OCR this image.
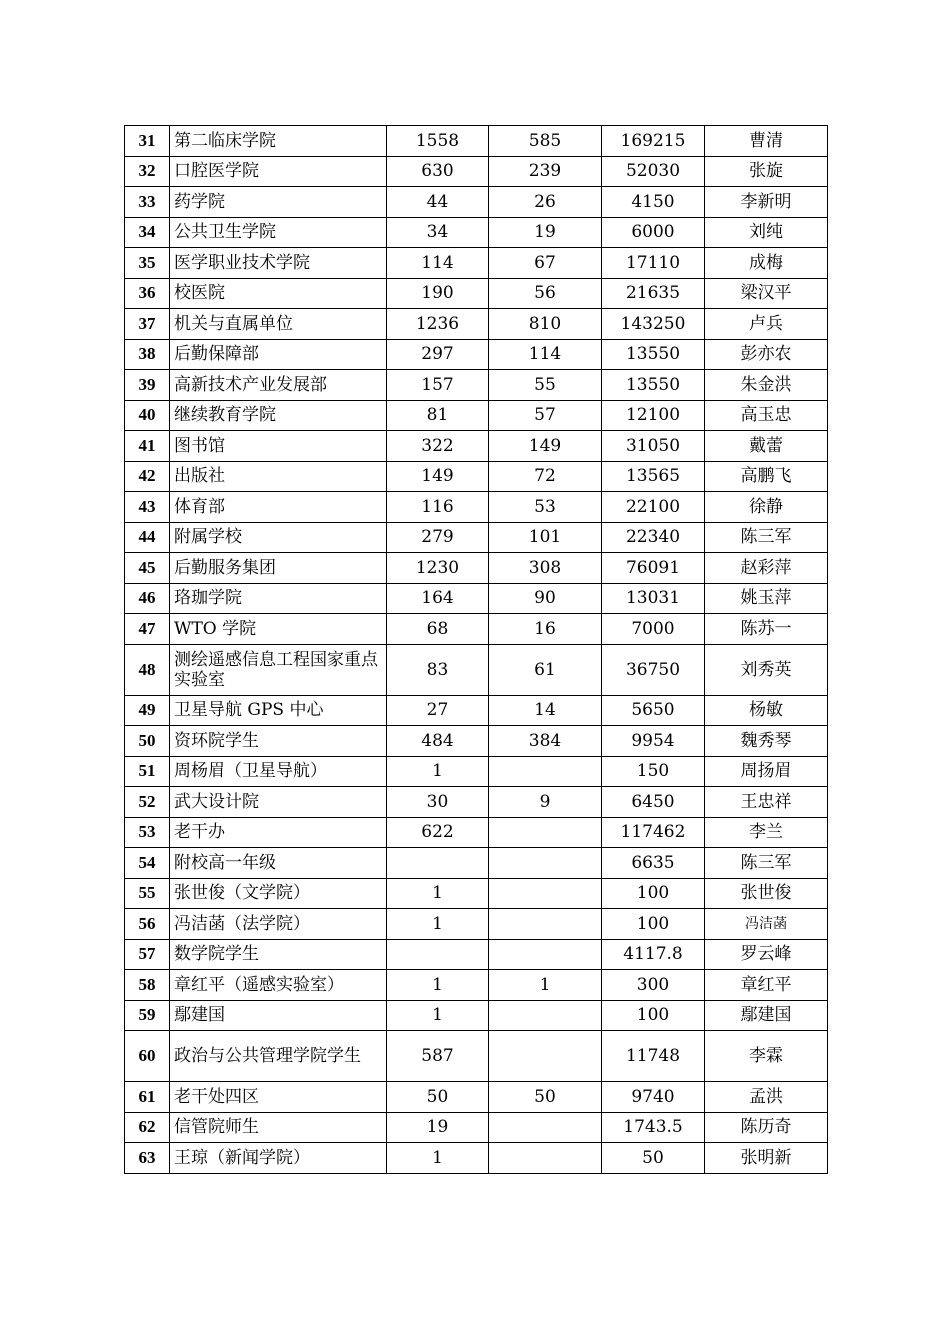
31	第二临床学院	1558	585	169215	曹清
32	口腔医学院	630	239	52030	张旋
33	药学院	44	26	4150	李新明
34	公共卫生学院	34	19	6000	刘纯
35	医学职业技术学院	114	67	17110	成梅
36	校医院	190	56	21635	梁汉平
37	机关与直属单位	1236	810	143250	卢兵
38	后勤保障部	297	114	13550	彭亦农
39	高新技术产业发展部	157	55	13550	朱金洪
40	继续教育学院	81	57	12100	高玉忠
41	图书馆	322	149	31050	戴蕾
42	出版社	149	72	13565	高鹏飞
43	体育部	116	53	22100	徐静
44	附属学校	279	101	22340	陈三军
45	后勤服务集团	1230	308	76091	赵彩萍
46	珞珈学院	164	90	13031	姚玉萍
47	WTO 学院	68	16	7000	陈苏一
48	测绘遥感信息工程国家重点实验室	83	61	36750	刘秀英
49	卫星导航 GPS 中心	27	14	5650	杨敏
50	资环院学生	484	384	9954	魏秀琴
51	周杨眉（卫星导航）	1		150	周扬眉
52	武大设计院	30	9	6450	王忠祥
53	老干办	622		117462	李兰
54	附校高一年级			6635	陈三军
55	张世俊（文学院）	1		100	张世俊
56	冯洁菡（法学院）	1		100	冯洁菡
57	数学院学生			4117.8	罗云峰
58	章红平（遥感实验室）	1	1	300	章红平
59	鄢建国	1		100	鄢建国
60	政治与公共管理学院学生	587		11748	李霖
61	老干处四区	50	50	9740	孟洪
62	信管院师生	19		1743.5	陈历奇
63	王琼（新闻学院）	1		50	张明新
